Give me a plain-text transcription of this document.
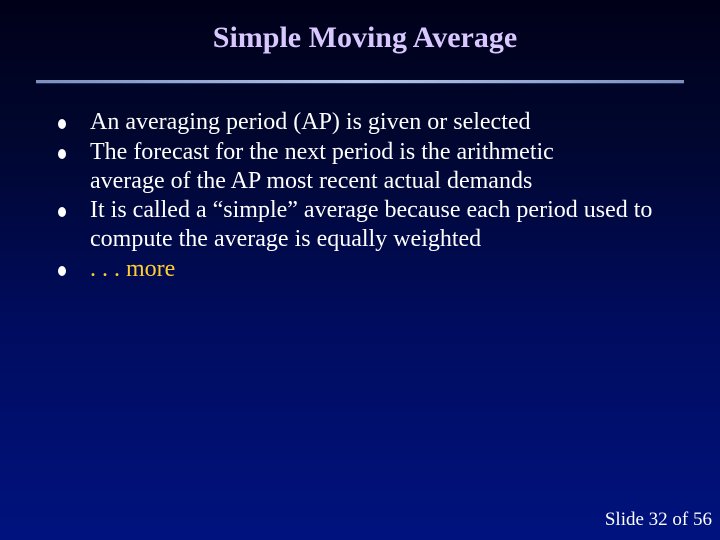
Simple Moving Average
An averaging period (AP) is given or selected
The forecast for the next period is the arithmetic average of the AP most recent actual demands
It is called a “simple” average because each period used to compute the average is equally weighted
. . . more
Slide 32 of 56
